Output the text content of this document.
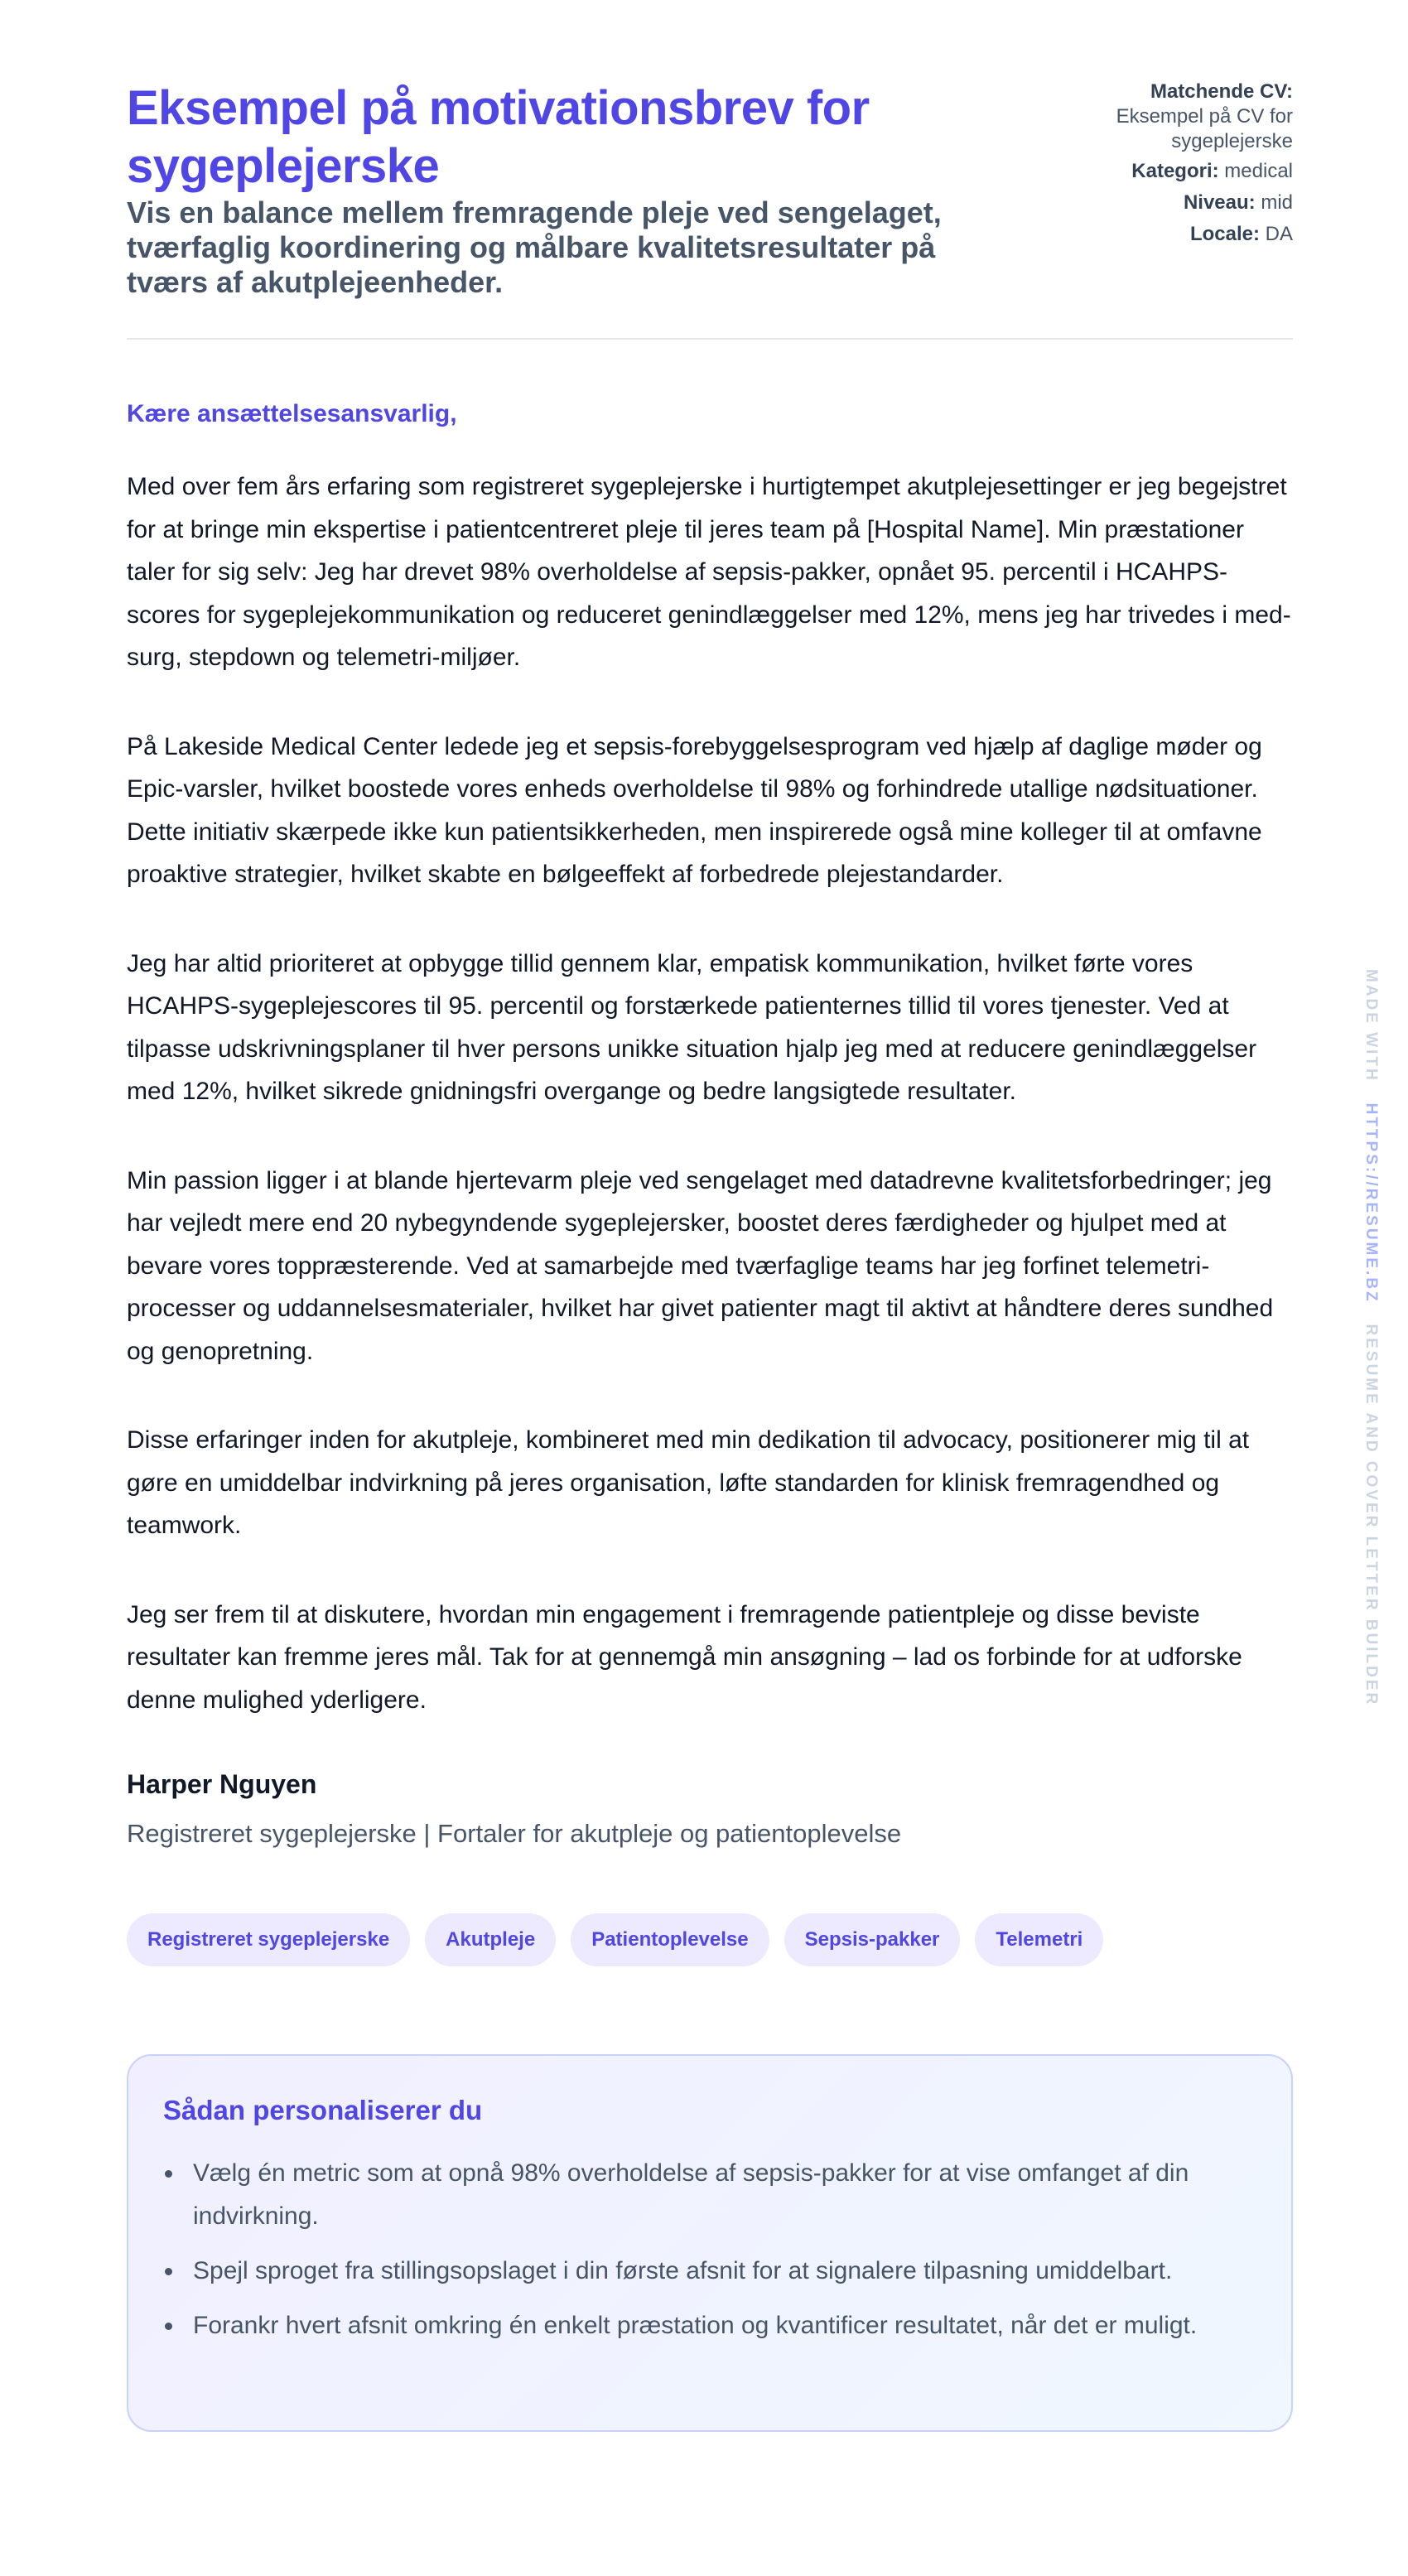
Eksempel på motivationsbrev for sygeplejerske
Vis en balance mellem fremragende pleje ved sengelaget, tværfaglig koordinering og målbare kvalitetsresultater på tværs af akutplejeenheder.
Matchende CV:
Eksempel på CV for sygeplejerske
Kategori: medical
Niveau: mid
Locale: DA
Kære ansættelsesansvarlig,

Med over fem års erfaring som registreret sygeplejerske i hurtigtempet akutplejesettinger er jeg begejstret for at bringe min ekspertise i patientcentreret pleje til jeres team på [Hospital Name]. Min præstationer taler for sig selv: Jeg har drevet 98% overholdelse af sepsis-pakker, opnået 95. percentil i HCAHPS-scores for sygeplejekommunikation og reduceret genindlæggelser med 12%, mens jeg har trivedes i med-surg, stepdown og telemetri-miljøer.

På Lakeside Medical Center ledede jeg et sepsis-forebyggelsesprogram ved hjælp af daglige møder og Epic-varsler, hvilket boostede vores enheds overholdelse til 98% og forhindrede utallige nødsituationer. Dette initiativ skærpede ikke kun patientsikkerheden, men inspirerede også mine kolleger til at omfavne proaktive strategier, hvilket skabte en bølgeeffekt af forbedrede plejestandarder.

Jeg har altid prioriteret at opbygge tillid gennem klar, empatisk kommunikation, hvilket førte vores HCAHPS-sygeplejescores til 95. percentil og forstærkede patienternes tillid til vores tjenester. Ved at tilpasse udskrivningsplaner til hver persons unikke situation hjalp jeg med at reducere genindlæggelser med 12%, hvilket sikrede gnidningsfri overgange og bedre langsigtede resultater.

Min passion ligger i at blande hjertevarm pleje ved sengelaget med datadrevne kvalitetsforbedringer; jeg har vejledt mere end 20 nybegyndende sygeplejersker, boostet deres færdigheder og hjulpet med at bevare vores toppræsterende. Ved at samarbejde med tværfaglige teams har jeg forfinet telemetri-processer og uddannelsesmaterialer, hvilket har givet patienter magt til aktivt at håndtere deres sundhed og genopretning.

Disse erfaringer inden for akutpleje, kombineret med min dedikation til advocacy, positionerer mig til at gøre en umiddelbar indvirkning på jeres organisation, løfte standarden for klinisk fremragendhed og teamwork.

Jeg ser frem til at diskutere, hvordan min engagement i fremragende patientpleje og disse beviste resultater kan fremme jeres mål. Tak for at gennemgå min ansøgning – lad os forbinde for at udforske denne mulighed yderligere.

Harper Nguyen
Registreret sygeplejerske | Fortaler for akutpleje og patientoplevelse
Registreret sygeplejerske	Akutpleje	Patientoplevelse	Sepsis-pakker	Telemetri
Sådan personaliserer du
Vælg én metric som at opnå 98% overholdelse af sepsis-pakker for at vise omfanget af din indvirkning.
Spejl sproget fra stillingsopslaget i din første afsnit for at signalere tilpasning umiddelbart.
Forankr hvert afsnit omkring én enkelt præstation og kvantificer resultatet, når det er muligt.
MADE WITH   HTTPS://RESUME.BZ   RESUME AND COVER LETTER BUILDER
